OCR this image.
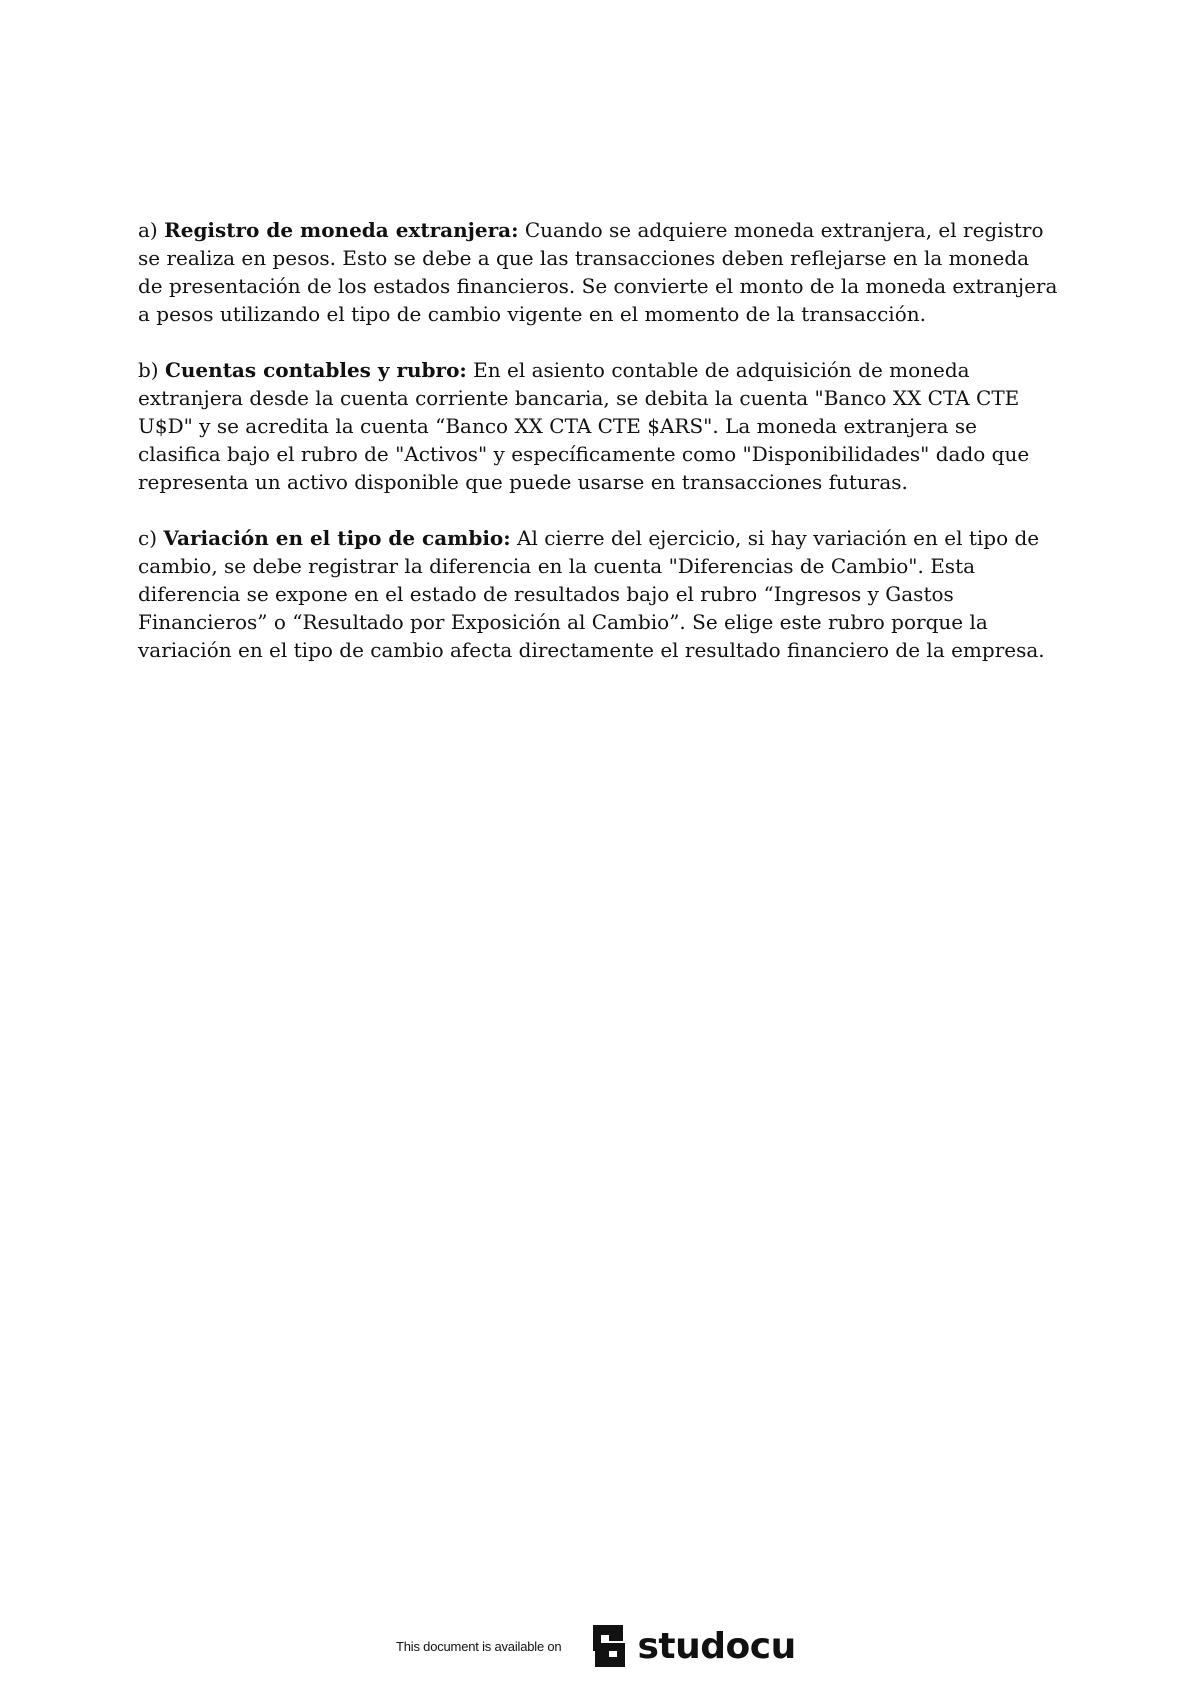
a) Registro de moneda extranjera: Cuando se adquiere moneda extranjera, el registro se realiza en pesos. Esto se debe a que las transacciones deben reflejarse en la moneda de presentación de los estados financieros. Se convierte el monto de la moneda extranjera a pesos utilizando el tipo de cambio vigente en el momento de la transacción.

b) Cuentas contables y rubro: En el asiento contable de adquisición de moneda extranjera desde la cuenta corriente bancaria, se debita la cuenta "Banco XX CTA CTE U$D" y se acredita la cuenta “Banco XX CTA CTE $ARS". La moneda extranjera se clasifica bajo el rubro de "Activos" y específicamente como "Disponibilidades" dado que representa un activo disponible que puede usarse en transacciones futuras.

c) Variación en el tipo de cambio: Al cierre del ejercicio, si hay variación en el tipo de cambio, se debe registrar la diferencia en la cuenta "Diferencias de Cambio". Esta diferencia se expone en el estado de resultados bajo el rubro “Ingresos y Gastos Financieros” o “Resultado por Exposición al Cambio”. Se elige este rubro porque la variación en el tipo de cambio afecta directamente el resultado financiero de la empresa.

This document is available on studocu
